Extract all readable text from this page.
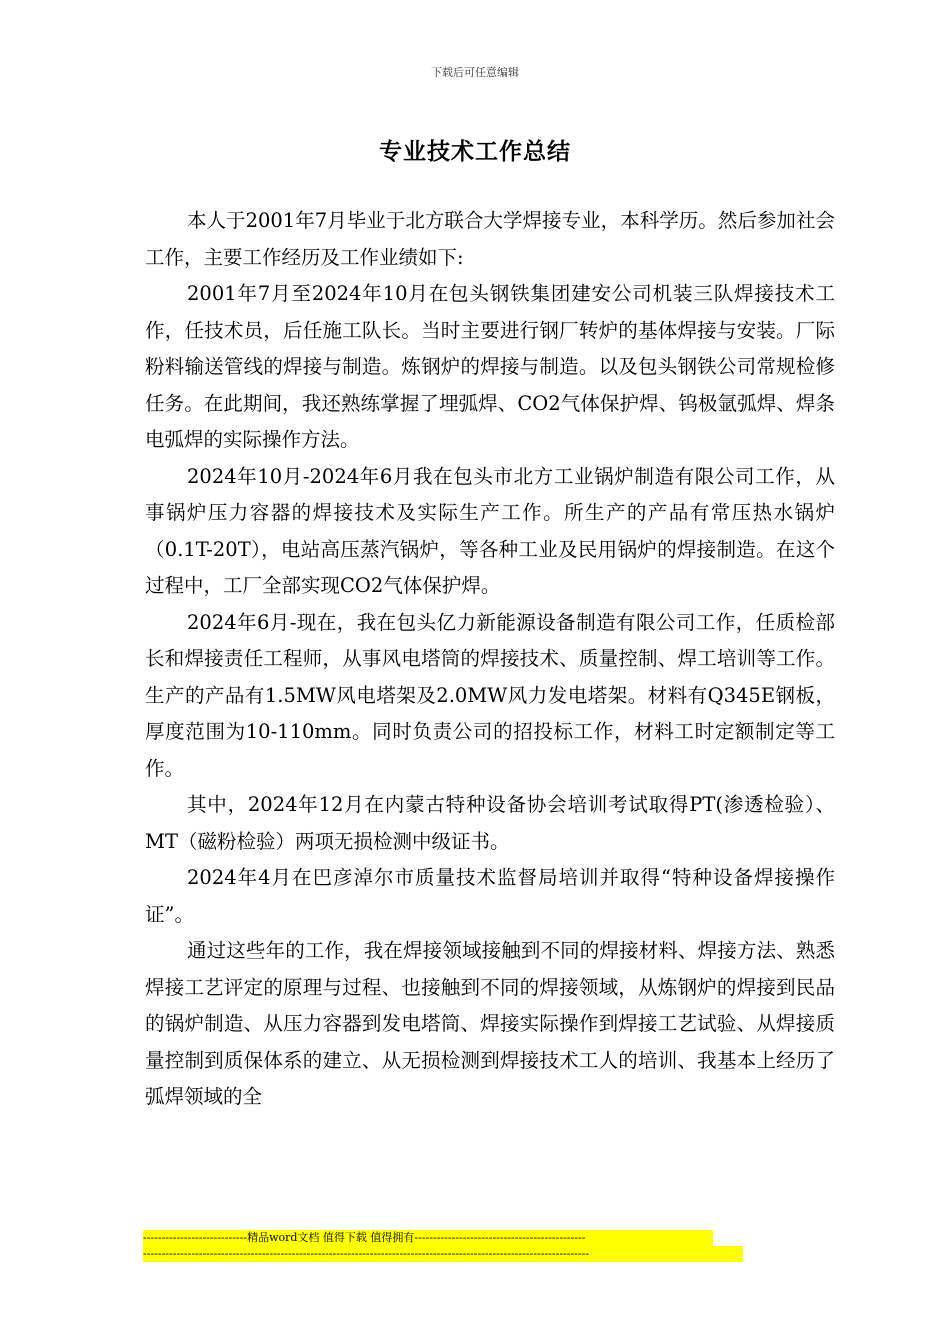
下载后可任意编辑
专业技术工作总结

本人于2001年7月毕业于北方联合大学焊接专业，本科学历。然后参加社会工作，主要工作经历及工作业绩如下:

2001年7月至2024年10月在包头钢铁集团建安公司机装三队焊接技术工作，任技术员，后任施工队长。当时主要进行钢厂转炉的基体焊接与安装。厂际粉料输送管线的焊接与制造。炼钢炉的焊接与制造。以及包头钢铁公司常规检修任务。在此期间，我还熟练掌握了埋弧焊、CO2气体保护焊、钨极氩弧焊、焊条电弧焊的实际操作方法。

2024年10月-2024年6月我在包头市北方工业锅炉制造有限公司工作，从事锅炉压力容器的焊接技术及实际生产工作。所生产的产品有常压热水锅炉（0.1T-20T），电站高压蒸汽锅炉，等各种工业及民用锅炉的焊接制造。在这个过程中，工厂全部实现CO2气体保护焊。

2024年6月-现在，我在包头亿力新能源设备制造有限公司工作，任质检部长和焊接责任工程师，从事风电塔筒的焊接技术、质量控制、焊工培训等工作。生产的产品有1.5MW风电塔架及2.0MW风力发电塔架。材料有Q345E钢板，厚度范围为10-110mm。同时负责公司的招投标工作，材料工时定额制定等工作。

其中，2024年12月在内蒙古特种设备协会培训考试取得PT(渗透检验）、MT（磁粉检验）两项无损检测中级证书。

2024年4月在巴彦淖尔市质量技术监督局培训并取得“特种设备焊接操作证”。

通过这些年的工作，我在焊接领域接触到不同的焊接材料、焊接方法、熟悉焊接工艺评定的原理与过程、也接触到不同的焊接领域，从炼钢炉的焊接到民品的锅炉制造、从压力容器到发电塔筒、焊接实际操作到焊接工艺试验、从焊接质量控制到质保体系的建立、从无损检测到焊接技术工人的培训、我基本上经历了弧焊领域的全

----------------------------精品word文档 值得下载 值得拥有----------------------------------------------
------------------------------------------------------------------------------------------------------------------------
